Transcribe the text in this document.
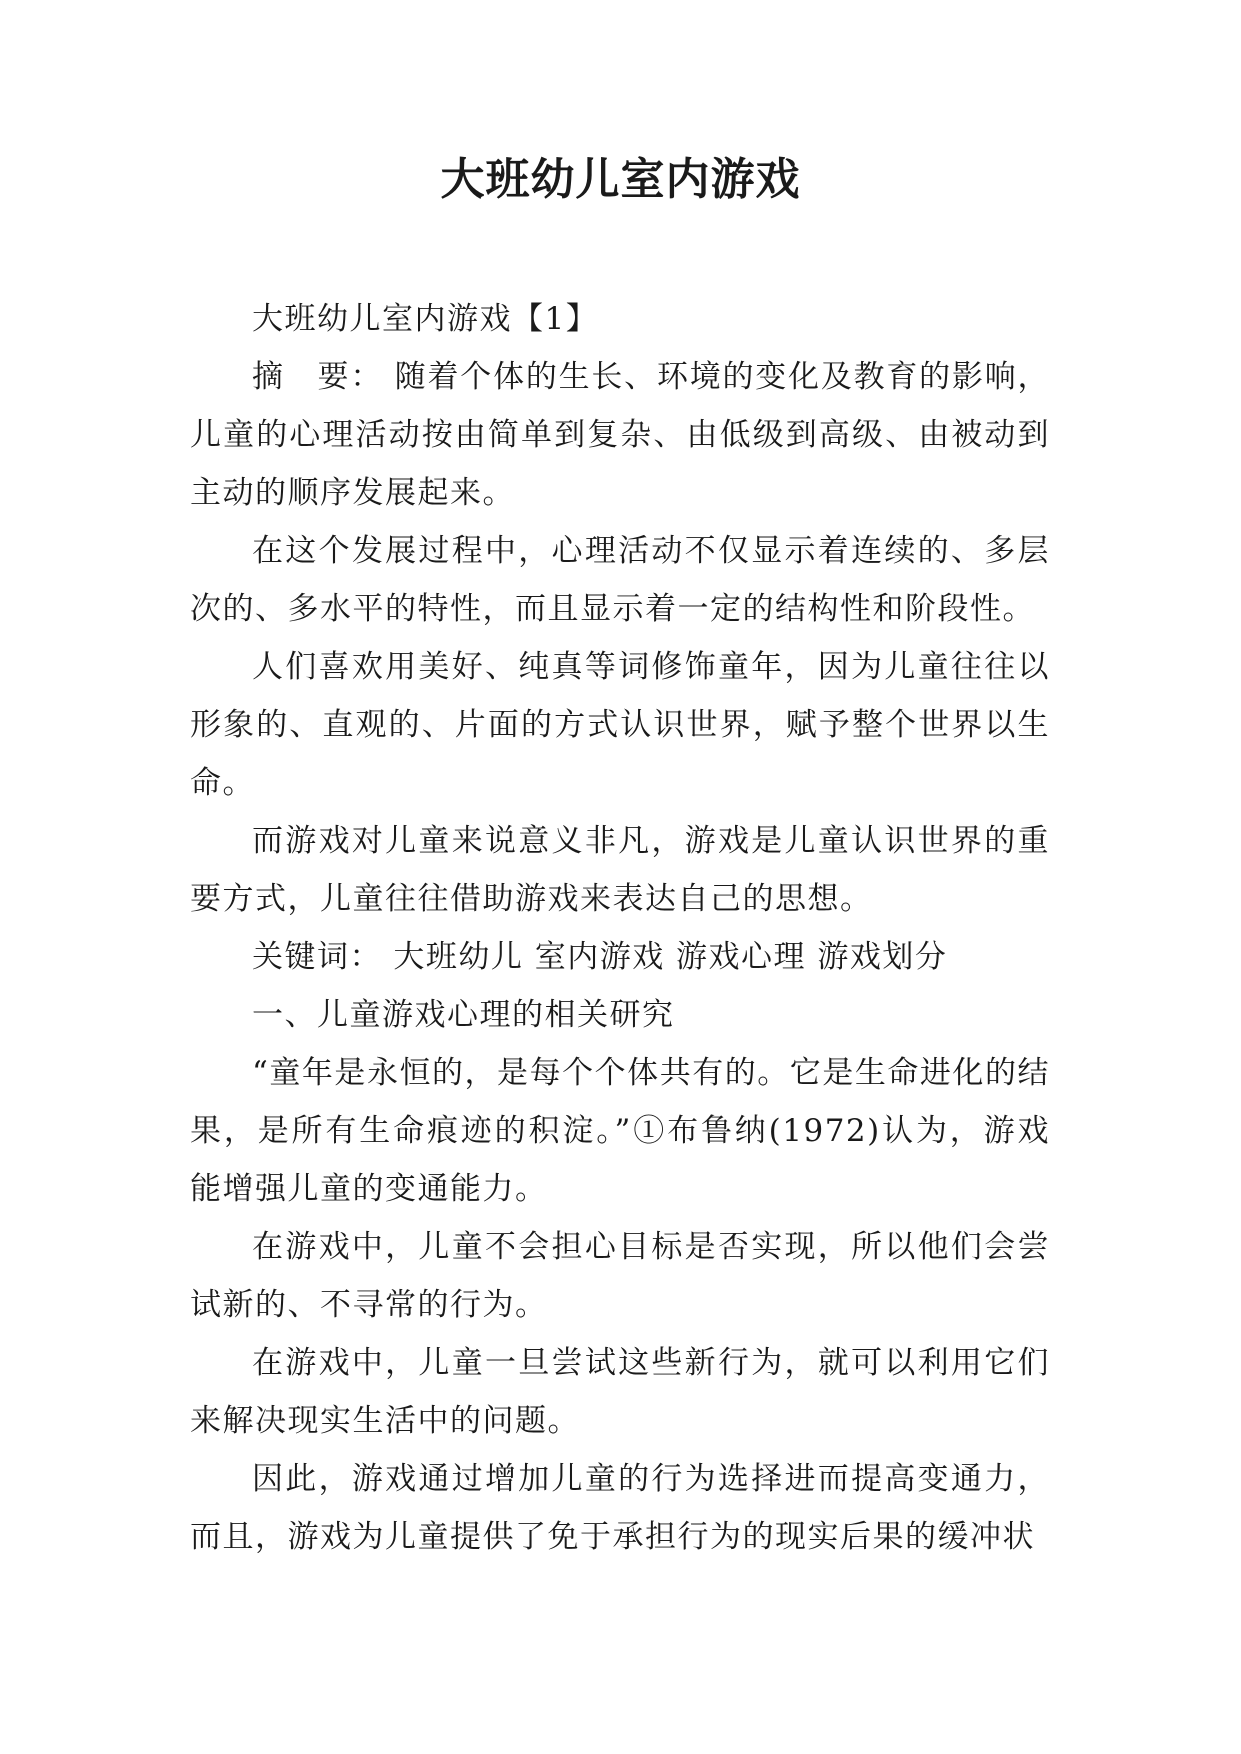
大班幼儿室内游戏

大班幼儿室内游戏【1】

摘　要： 随着个体的生长、环境的变化及教育的影响，儿童的心理活动按由简单到复杂、由低级到高级、由被动到主动的顺序发展起来。

在这个发展过程中，心理活动不仅显示着连续的、多层次的、多水平的特性，而且显示着一定的结构性和阶段性。

人们喜欢用美好、纯真等词修饰童年，因为儿童往往以形象的、直观的、片面的方式认识世界，赋予整个世界以生命。

而游戏对儿童来说意义非凡，游戏是儿童认识世界的重要方式，儿童往往借助游戏来表达自己的思想。

关键词： 大班幼儿 室内游戏 游戏心理 游戏划分

一、儿童游戏心理的相关研究

“童年是永恒的，是每个个体共有的。它是生命进化的结果，是所有生命痕迹的积淀。”①布鲁纳(1972)认为，游戏能增强儿童的变通能力。

在游戏中，儿童不会担心目标是否实现，所以他们会尝试新的、不寻常的行为。

在游戏中，儿童一旦尝试这些新行为，就可以利用它们来解决现实生活中的问题。

因此，游戏通过增加儿童的行为选择进而提高变通力，而且，游戏为儿童提供了免于承担行为的现实后果的缓冲状
